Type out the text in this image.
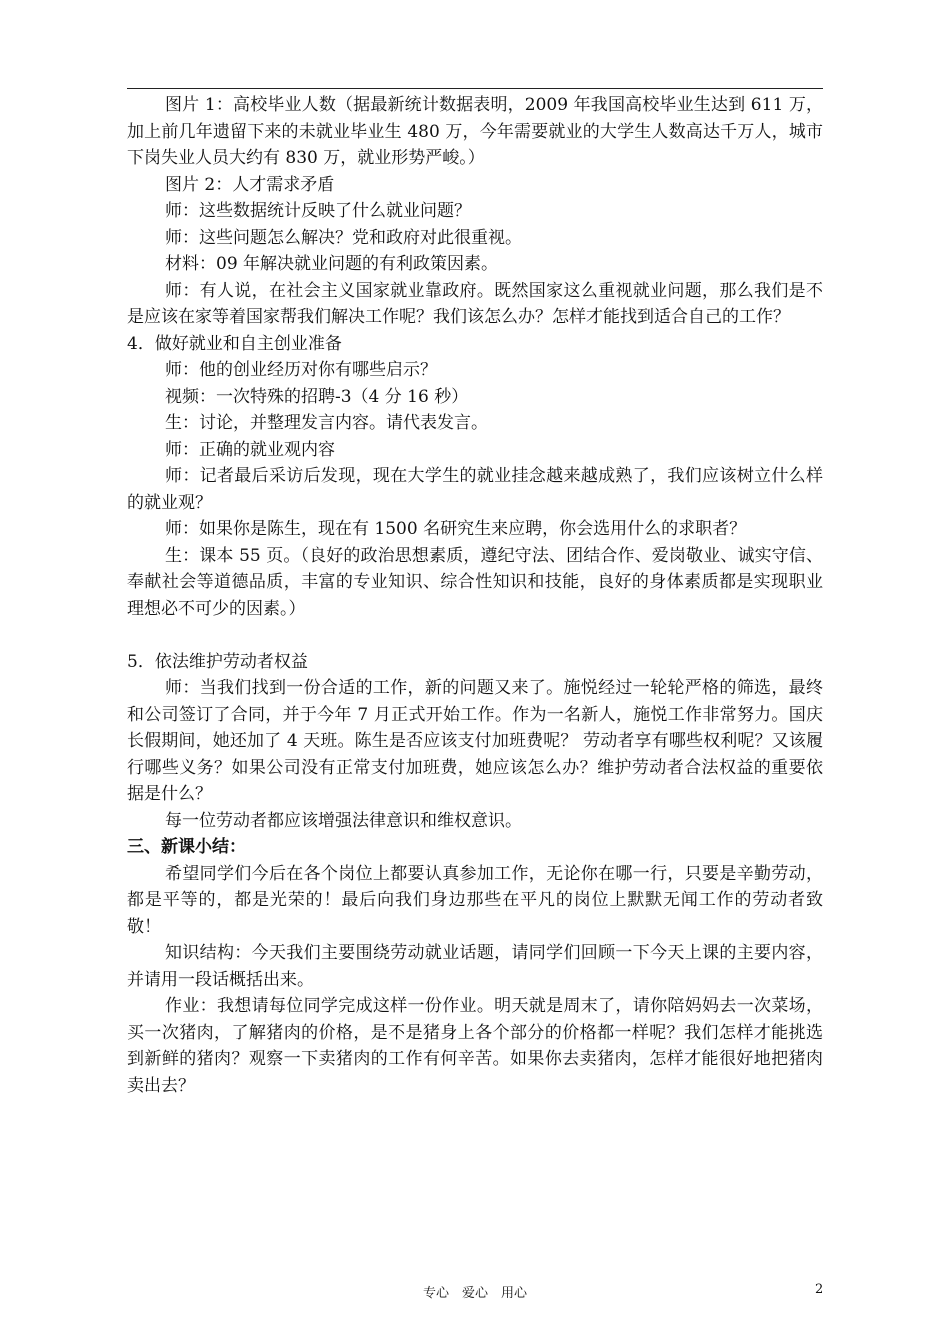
图片 1：高校毕业人数（据最新统计数据表明，2009 年我国高校毕业生达到 611 万，加上前几年遗留下来的未就业毕业生 480 万，今年需要就业的大学生人数高达千万人，城市下岗失业人员大约有 830 万，就业形势严峻。）

图片 2：人才需求矛盾

师：这些数据统计反映了什么就业问题？

师：这些问题怎么解决？党和政府对此很重视。

材料：09 年解决就业问题的有利政策因素。

师：有人说，在社会主义国家就业靠政府。既然国家这么重视就业问题，那么我们是不是应该在家等着国家帮我们解决工作呢？我们该怎么办？怎样才能找到适合自己的工作？

4．做好就业和自主创业准备

师：他的创业经历对你有哪些启示？

视频：一次特殊的招聘-3（4 分 16 秒）

生：讨论，并整理发言内容。请代表发言。

师：正确的就业观内容

师：记者最后采访后发现，现在大学生的就业挂念越来越成熟了，我们应该树立什么样的就业观？

师：如果你是陈生，现在有 1500 名研究生来应聘，你会选用什么的求职者？

生：课本 55 页。（良好的政治思想素质，遵纪守法、团结合作、爱岗敬业、诚实守信、奉献社会等道德品质，丰富的专业知识、综合性知识和技能，良好的身体素质都是实现职业理想必不可少的因素。）

5．依法维护劳动者权益

师：当我们找到一份合适的工作，新的问题又来了。施悦经过一轮轮严格的筛选，最终和公司签订了合同，并于今年 7 月正式开始工作。作为一名新人，施悦工作非常努力。国庆长假期间，她还加了 4 天班。陈生是否应该支付加班费呢？ 劳动者享有哪些权利呢？又该履行哪些义务？如果公司没有正常支付加班费，她应该怎么办？维护劳动者合法权益的重要依据是什么？

每一位劳动者都应该增强法律意识和维权意识。

三、新课小结：

希望同学们今后在各个岗位上都要认真参加工作，无论你在哪一行，只要是辛勤劳动，都是平等的，都是光荣的！最后向我们身边那些在平凡的岗位上默默无闻工作的劳动者致敬！

知识结构：今天我们主要围绕劳动就业话题，请同学们回顾一下今天上课的主要内容，并请用一段话概括出来。

作业：我想请每位同学完成这样一份作业。明天就是周末了，请你陪妈妈去一次菜场，买一次猪肉，了解猪肉的价格，是不是猪身上各个部分的价格都一样呢？我们怎样才能挑选到新鲜的猪肉？观察一下卖猪肉的工作有何辛苦。如果你去卖猪肉，怎样才能很好地把猪肉卖出去？

专心　爱心　用心	2
